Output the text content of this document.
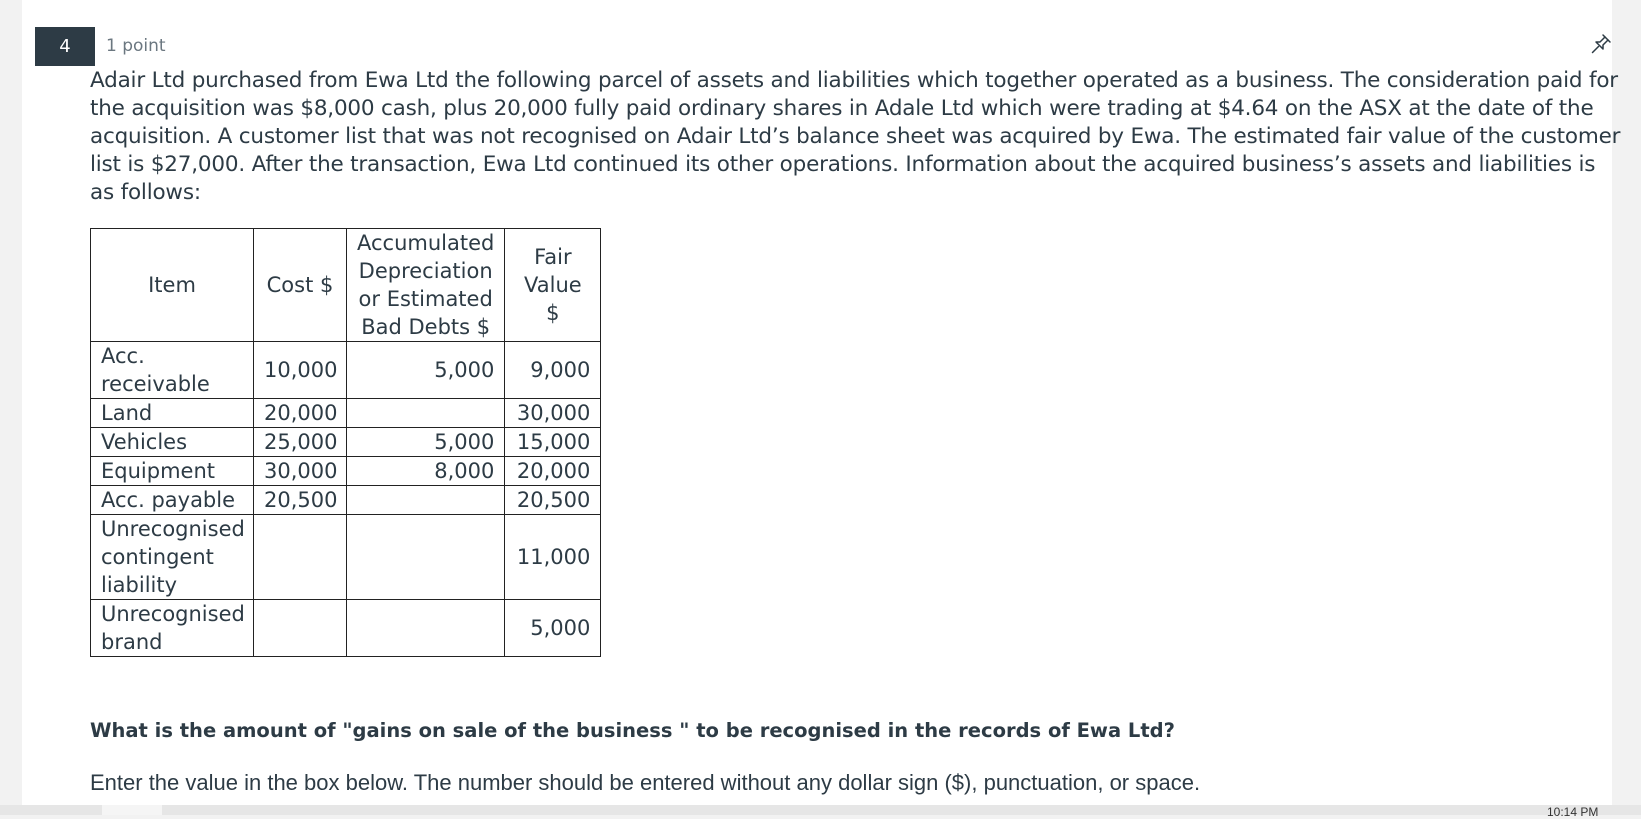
4	1 point
Adair Ltd purchased from Ewa Ltd the following parcel of assets and liabilities which together operated as a business. The consideration paid for the acquisition was $8,000 cash, plus 20,000 fully paid ordinary shares in Adale Ltd which were trading at $4.64 on the ASX at the date of the acquisition. A customer list that was not recognised on Adair Ltd’s balance sheet was acquired by Ewa. The estimated fair value of the customer list is $27,000. After the transaction, Ewa Ltd continued its other operations. Information about the acquired business’s assets and liabilities is as follows:
Item	Cost $	Accumulated Depreciation or Estimated Bad Debts $	Fair Value $
Acc. receivable	10,000	5,000	9,000
Land	20,000		30,000
Vehicles	25,000	5,000	15,000
Equipment	30,000	8,000	20,000
Acc. payable	20,500		20,500
Unrecognised contingent liability			11,000
Unrecognised brand			5,000
What is the amount of "gains on sale of the business " to be recognised in the records of Ewa Ltd?
Enter the value in the box below. The number should be entered without any dollar sign ($), punctuation, or space.
10:14 PM
